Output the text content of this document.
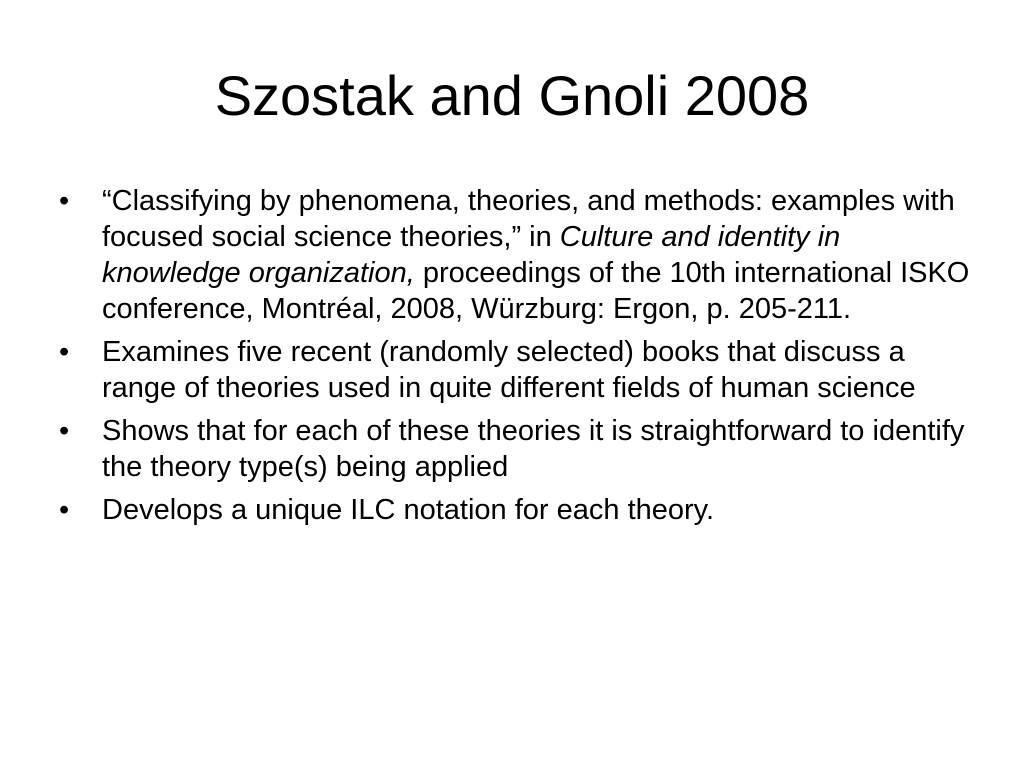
Szostak and Gnoli 2008
•	“Classifying by phenomena, theories, and methods: examples with focused social science theories,” in Culture and identity in knowledge organization, proceedings of the 10th international ISKO conference, Montréal, 2008, Würzburg: Ergon, p. 205-211.
•	Examines five recent (randomly selected) books that discuss a range of theories used in quite different fields of human science
•	Shows that for each of these theories it is straightforward to identify the theory type(s) being applied
•	Develops a unique ILC notation for each theory.
